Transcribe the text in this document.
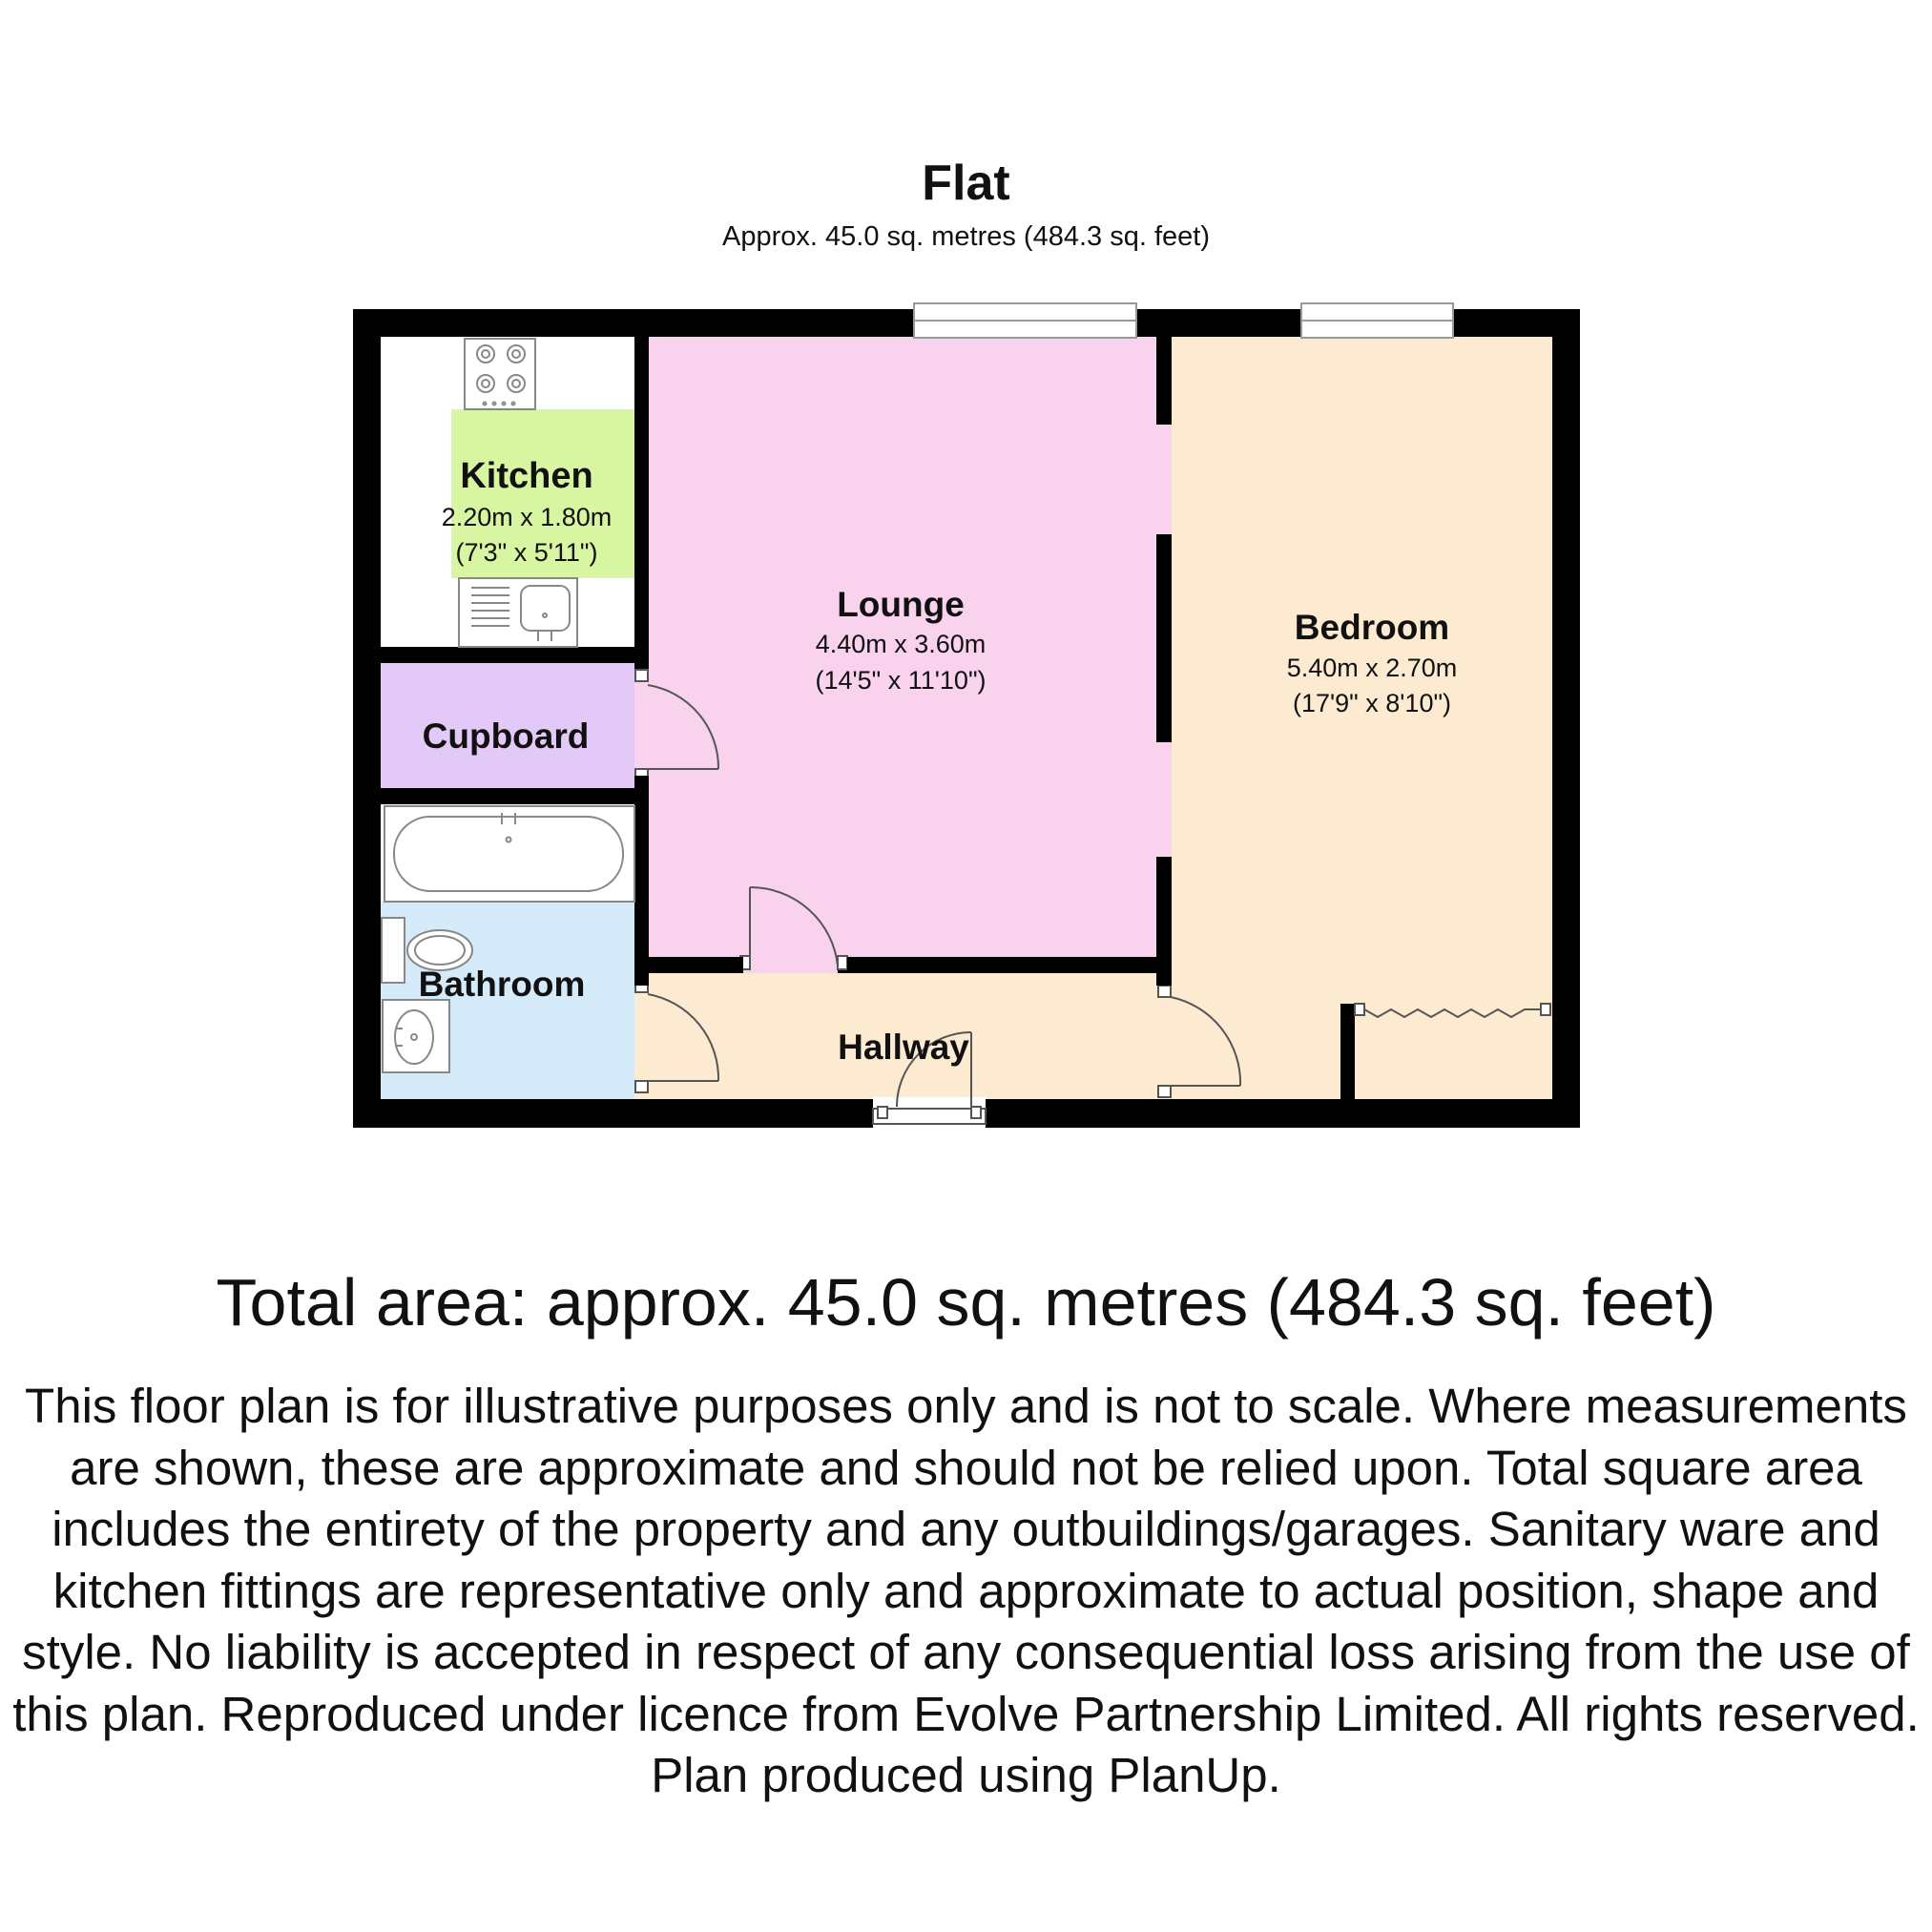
Flat
Approx. 45.0 sq. metres (484.3 sq. feet)
Kitchen
2.20m x 1.80m
(7'3" x 5'11")
Lounge
4.40m x 3.60m
(14'5" x 11'10")
Bedroom
5.40m x 2.70m
(17'9" x 8'10")
Cupboard
Bathroom
Hallway
Total area: approx. 45.0 sq. metres (484.3 sq. feet)

This floor plan is for illustrative purposes only and is not to scale. Where measurements are shown, these are approximate and should not be relied upon. Total square area includes the entirety of the property and any outbuildings/garages. Sanitary ware and kitchen fittings are representative only and approximate to actual position, shape and style. No liability is accepted in respect of any consequential loss arising from the use of this plan. Reproduced under licence from Evolve Partnership Limited. All rights reserved.

Plan produced using PlanUp.
